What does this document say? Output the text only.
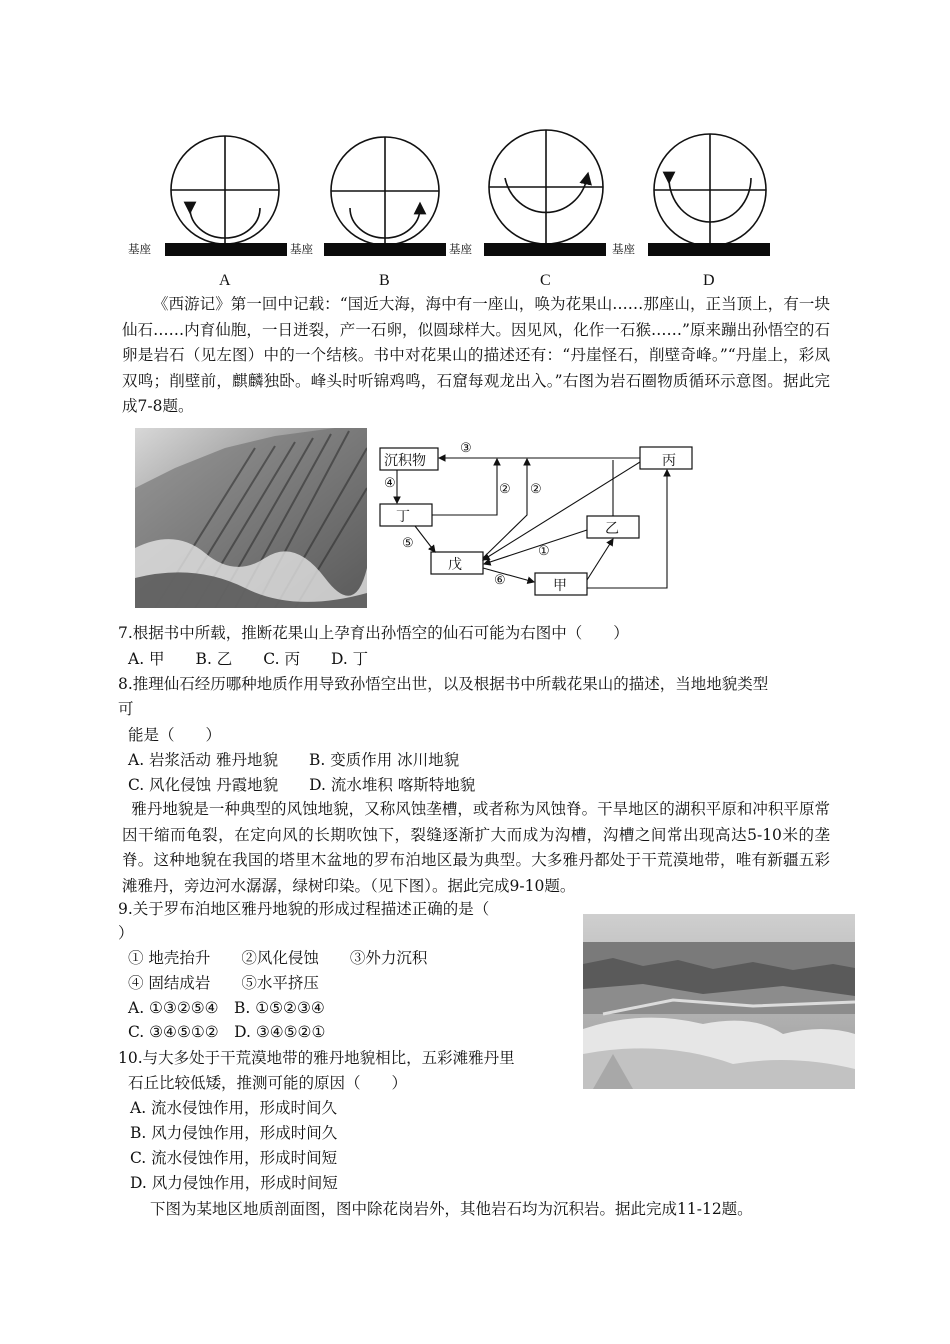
基座	基座	基座	基座
A	B	C	D
《西游记》第一回中记载：“国近大海，海中有一座山，唤为花果山……那座山，正当顶上，有一块仙石……内育仙胞，一日迸裂，产一石卵，似圆球样大。因见风，化作一石猴……”原来蹦出孙悟空的石卵是岩石（见左图）中的一个结核。书中对花果山的描述还有：“丹崖怪石，削壁奇峰。”“丹崖上，彩凤双鸣；削壁前，麒麟独卧。峰头时听锦鸡鸣，石窟每观龙出入。”右图为岩石圈物质循环示意图。据此完成7-8题。
沉积物	丙
丁
乙
戊
甲
③
④	② ②
⑤
①
⑥
7.根据书中所载，推断花果山上孕育出孙悟空的仙石可能为右图中（　　）
A. 甲　　B. 乙　　C. 丙　　D. 丁
8.推理仙石经历哪种地质作用导致孙悟空出世，以及根据书中所载花果山的描述，当地地貌类型
可
能是（　　）
A. 岩浆活动 雅丹地貌　　B. 变质作用 冰川地貌
C. 风化侵蚀 丹霞地貌　　D. 流水堆积 喀斯特地貌
雅丹地貌是一种典型的风蚀地貌，又称风蚀垄槽，或者称为风蚀脊。干旱地区的湖积平原和冲积平原常因干缩而龟裂，在定向风的长期吹蚀下，裂缝逐渐扩大而成为沟槽，沟槽之间常出现高达5-10米的垄脊。这种地貌在我国的塔里木盆地的罗布泊地区最为典型。大多雅丹都处于干荒漠地带，唯有新疆五彩滩雅丹，旁边河水潺潺，绿树印染。（见下图）。据此完成9-10题。
9.关于罗布泊地区雅丹地貌的形成过程描述正确的是（
）
① 地壳抬升　　②风化侵蚀　　③外力沉积
④ 固结成岩　　⑤水平挤压
A. ①③②⑤④　B. ①⑤②③④
C. ③④⑤①②　D. ③④⑤②①
10.与大多处于干荒漠地带的雅丹地貌相比，五彩滩雅丹里
石丘比较低矮，推测可能的原因（　　）
A. 流水侵蚀作用，形成时间久
B. 风力侵蚀作用，形成时间久
C. 流水侵蚀作用，形成时间短
D. 风力侵蚀作用，形成时间短
下图为某地区地质剖面图，图中除花岗岩外，其他岩石均为沉积岩。据此完成11-12题。
